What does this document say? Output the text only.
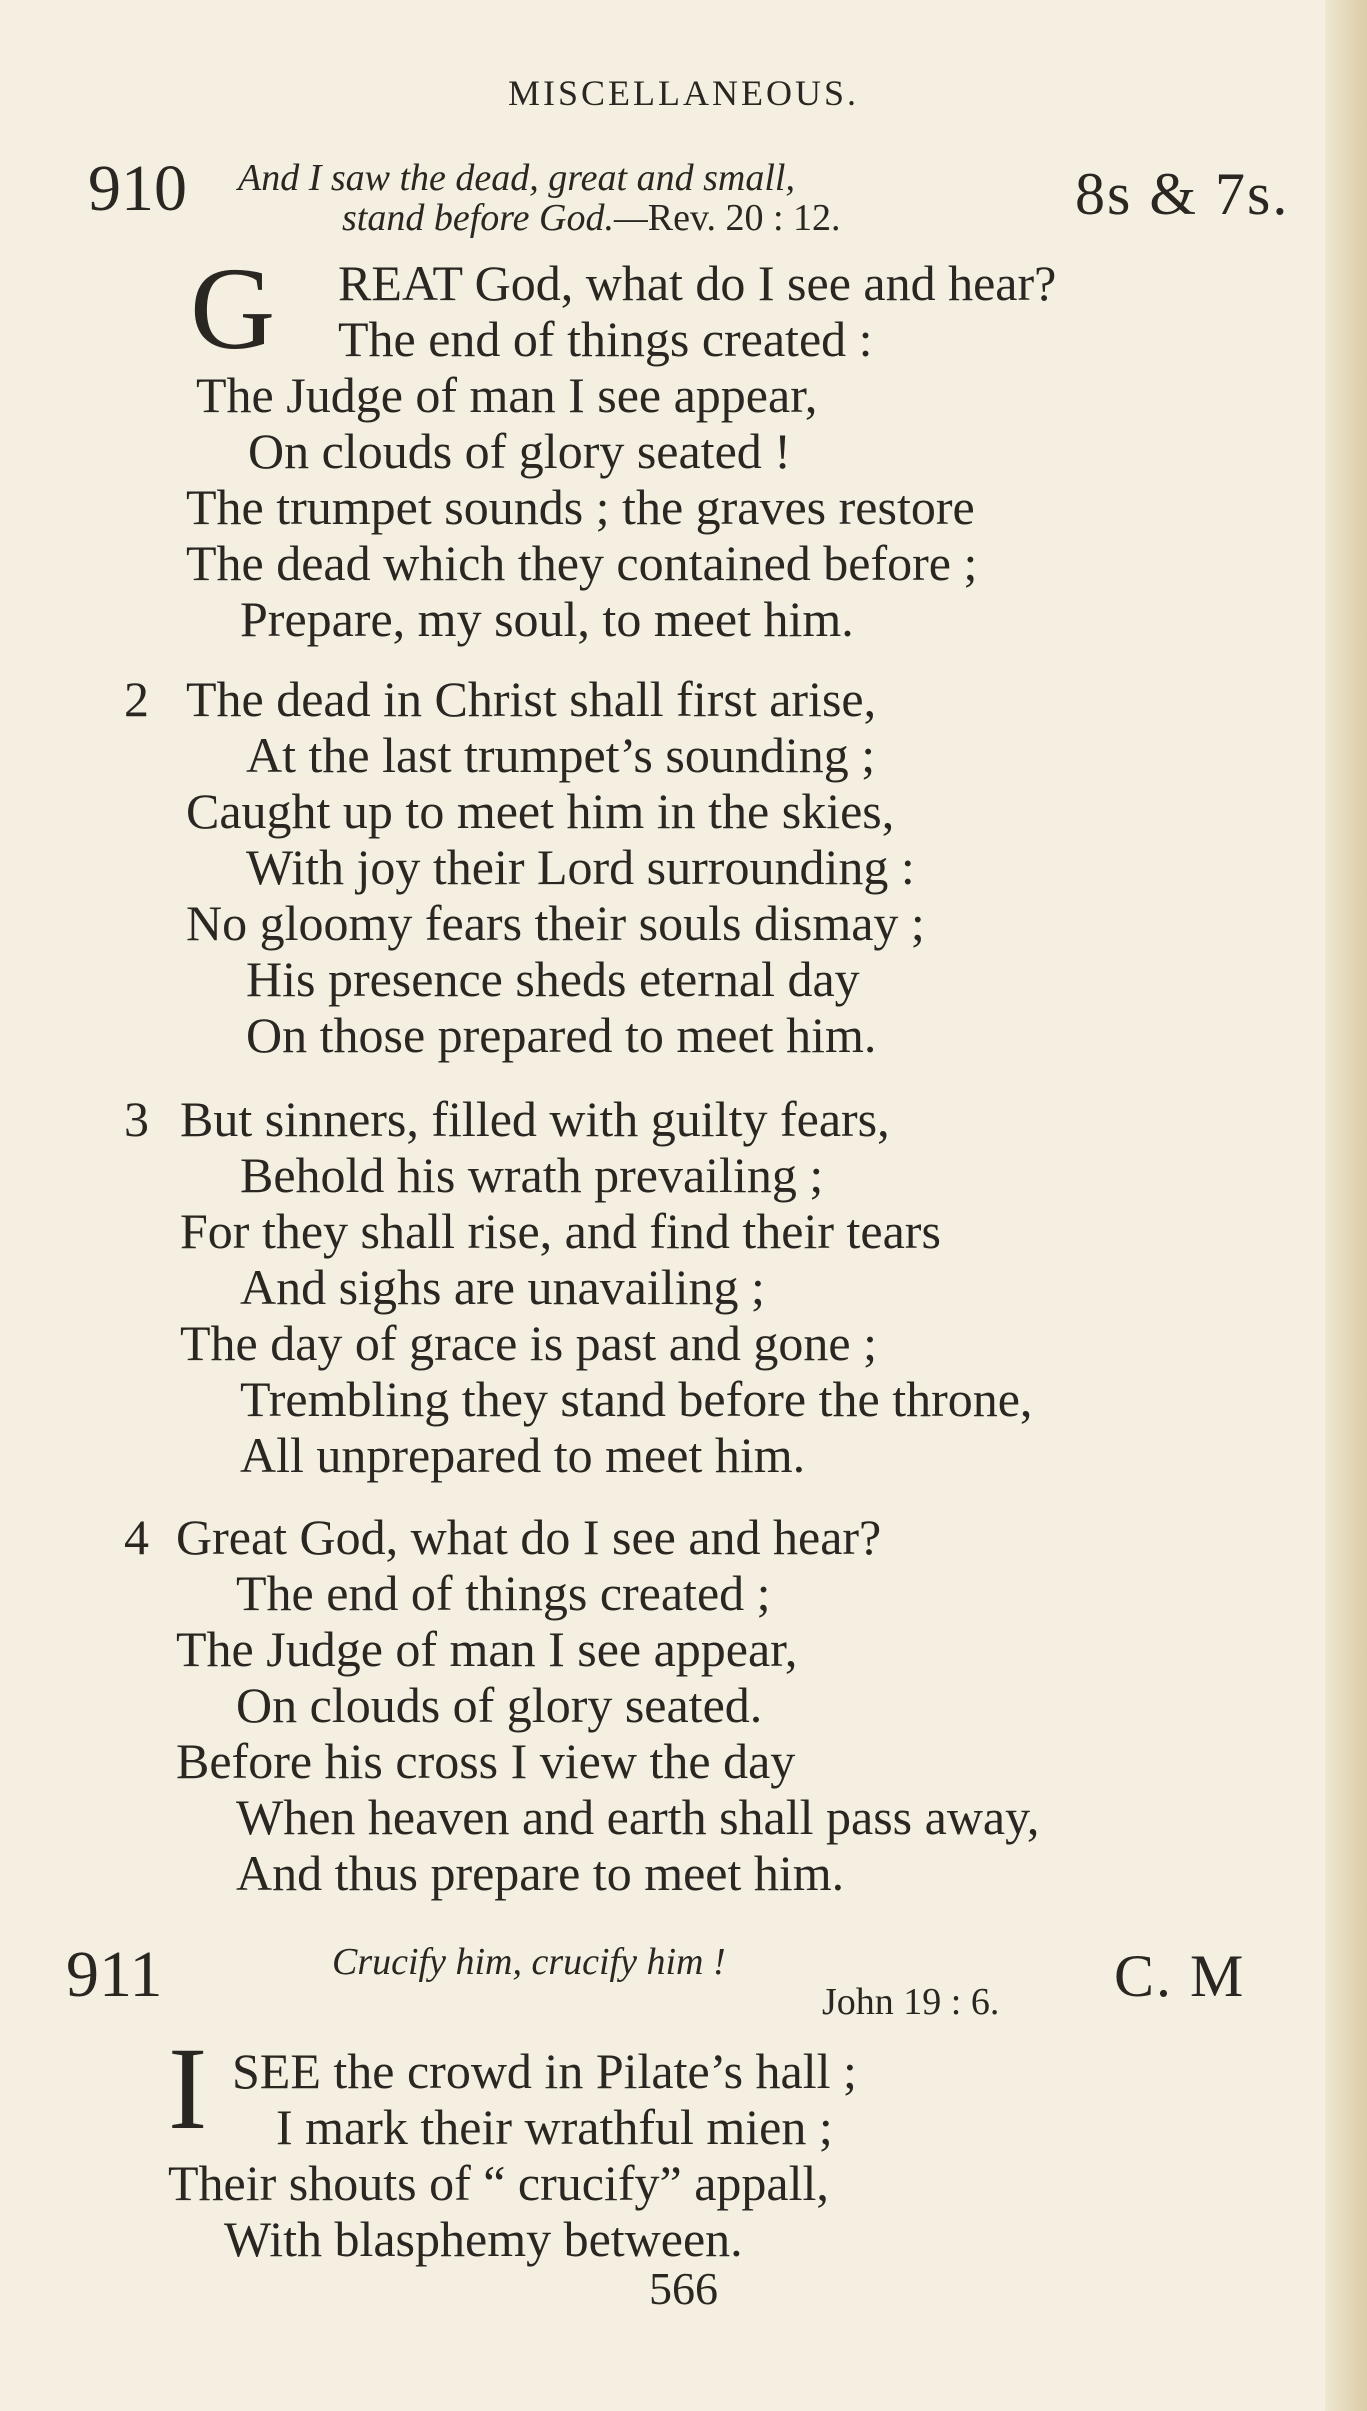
MISCELLANEOUS.
910 And I saw the dead, great and small,
stand before God.—Rev. 20 : 12.	8s & 7s.
G REAT God, what do I see and hear?
The end of things created :
The Judge of man I see appear,
On clouds of glory seated !
The trumpet sounds ; the graves restore
The dead which they contained before ;
Prepare, my soul, to meet him.
2 The dead in Christ shall first arise,
At the last trumpet’s sounding ;
Caught up to meet him in the skies,
With joy their Lord surrounding :
No gloomy fears their souls dismay ;
His presence sheds eternal day
On those prepared to meet him.
3 But sinners, filled with guilty fears,
Behold his wrath prevailing ;
For they shall rise, and find their tears
And sighs are unavailing ;
The day of grace is past and gone ;
Trembling they stand before the throne,
All unprepared to meet him.
4 Great God, what do I see and hear?
The end of things created ;
The Judge of man I see appear,
On clouds of glory seated.
Before his cross I view the day
When heaven and earth shall pass away,
And thus prepare to meet him.
911	Crucify him, crucify him !
John 19 : 6. C. M
I SEE the crowd in Pilate’s hall ;
I mark their wrathful mien ;
Their shouts of “ crucify” appall,
With blasphemy between.
566
